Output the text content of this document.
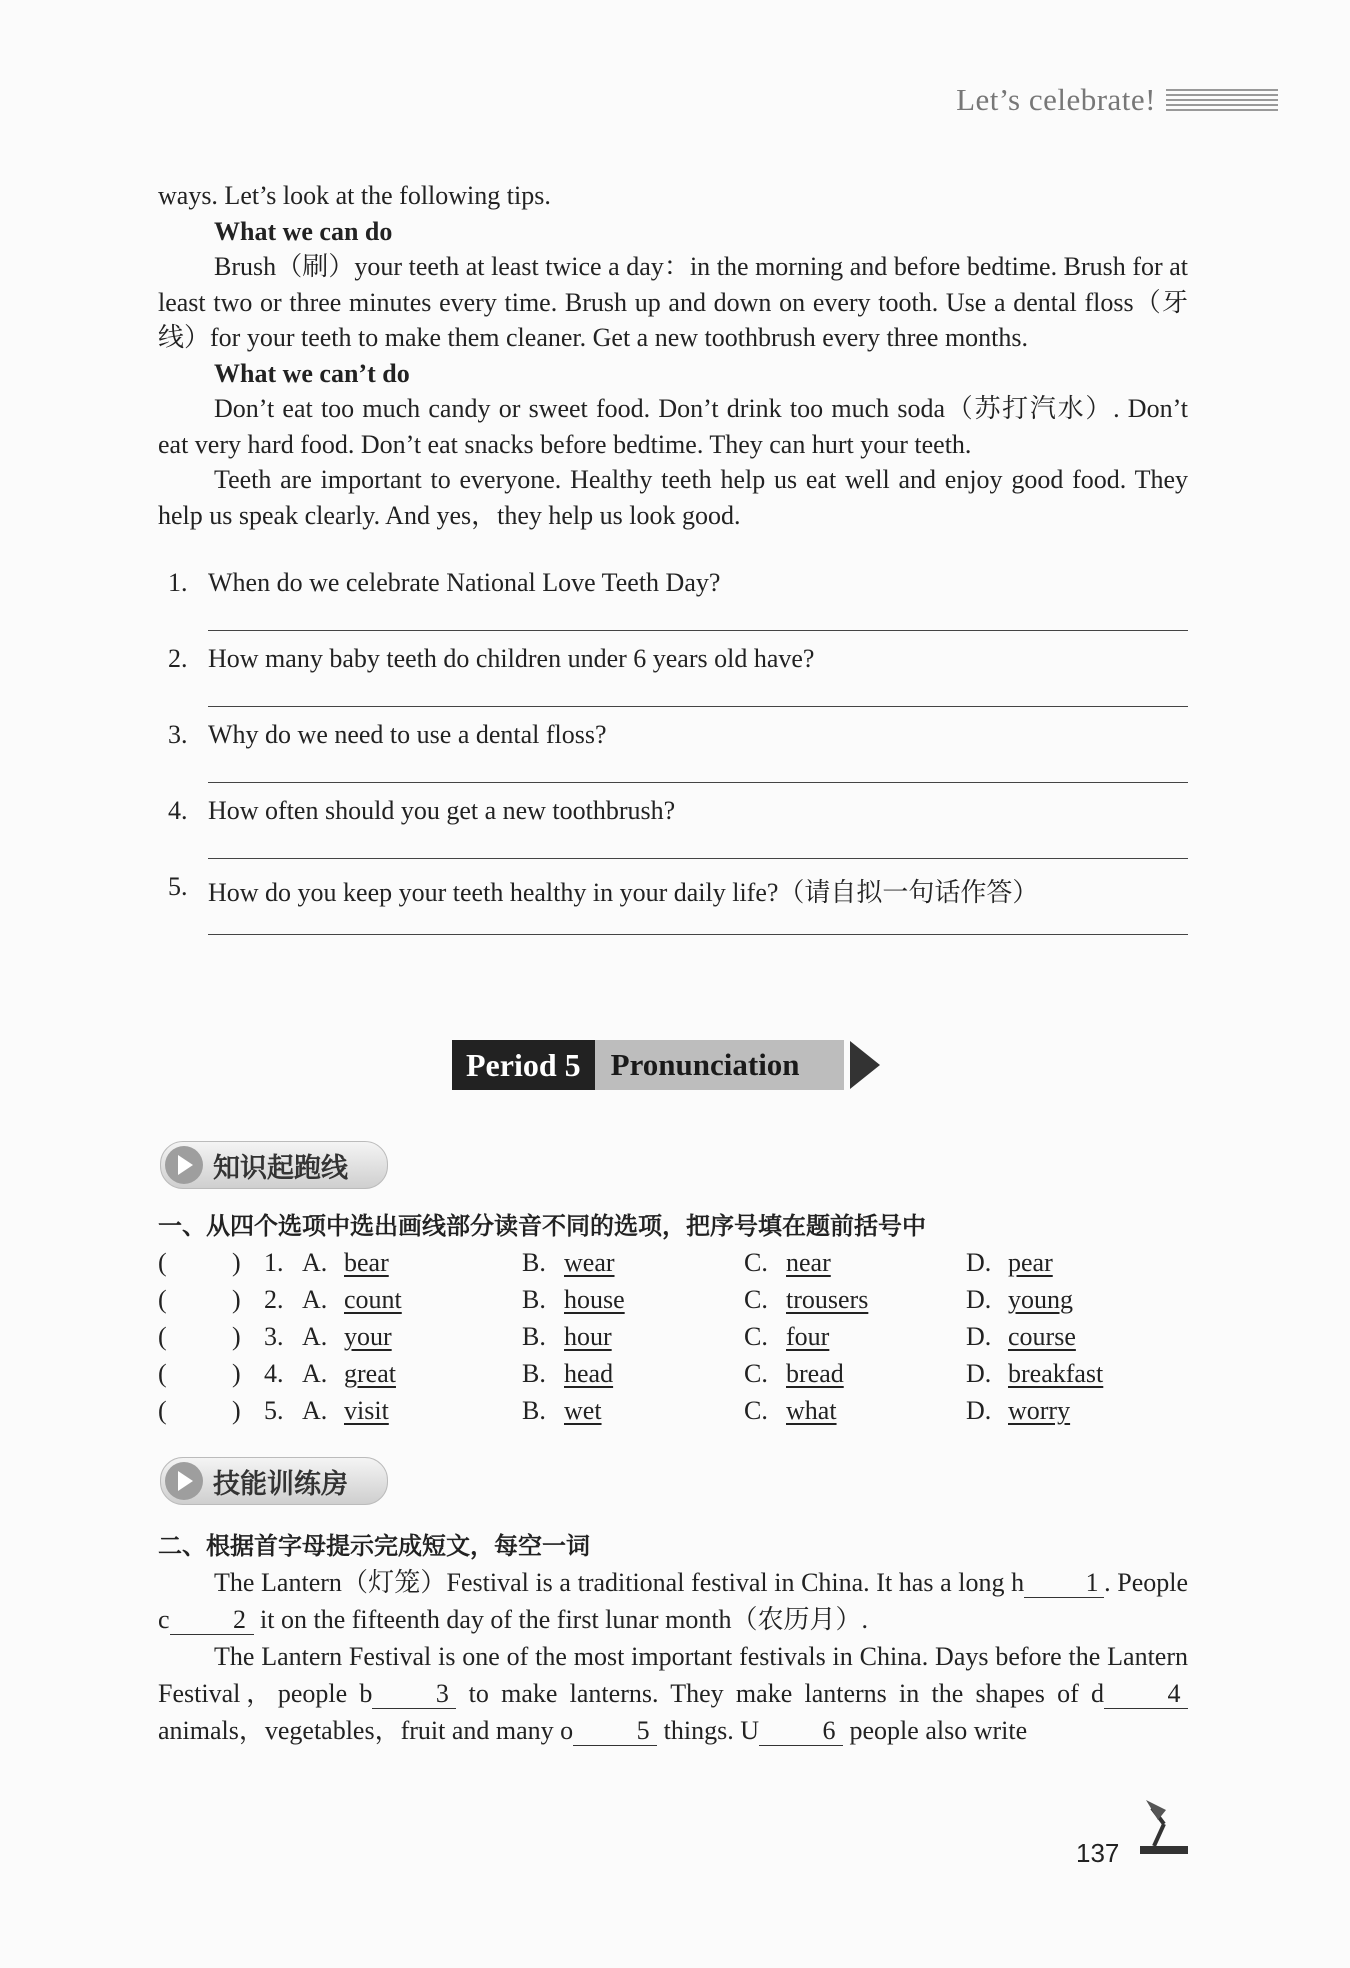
Let’s celebrate!

ways. Let’s look at the following tips.

What we can do

Brush（刷）your teeth at least twice a day：in the morning and before bedtime. Brush for at least two or three minutes every time. Brush up and down on every tooth. Use a dental floss（牙线）for your teeth to make them cleaner. Get a new toothbrush every three months.

What we can’t do

Don’t eat too much candy or sweet food. Don’t drink too much soda（苏打汽水）. Don’t eat very hard food. Don’t eat snacks before bedtime. They can hurt your teeth.

Teeth are important to everyone. Healthy teeth help us eat well and enjoy good food. They help us speak clearly. And yes，they help us look good.

1. When do we celebrate National Love Teeth Day?
2. How many baby teeth do children under 6 years old have?
3. Why do we need to use a dental floss?
4. How often should you get a new toothbrush?
5. How do you keep your teeth healthy in your daily life?（请自拟一句话作答）
Period 5 Pronunciation
知识起跑线
一、从四个选项中选出画线部分读音不同的选项，把序号填在题前括号中
(	) 1. A. bear	B. wear	C. near	D. pear
(	) 2. A. count	B. house	C. trousers	D. young
(	) 3. A. your	B. hour	C. four	D. course
(	) 4. A. great	B. head	C. bread	D. breakfast
(	) 5. A. visit	B. wet	C. what	D. worry
技能训练房
二、根据首字母提示完成短文，每空一词

The Lantern（灯笼）Festival is a traditional festival in China. It has a long h 1 . People c 2 it on the fifteenth day of the first lunar month（农历月）.

The Lantern Festival is one of the most important festivals in China. Days before the Lantern Festival，people b 3 to make lanterns. They make lanterns in the shapes of d 4 animals，vegetables，fruit and many o 5 things. U 6 people also write

137
